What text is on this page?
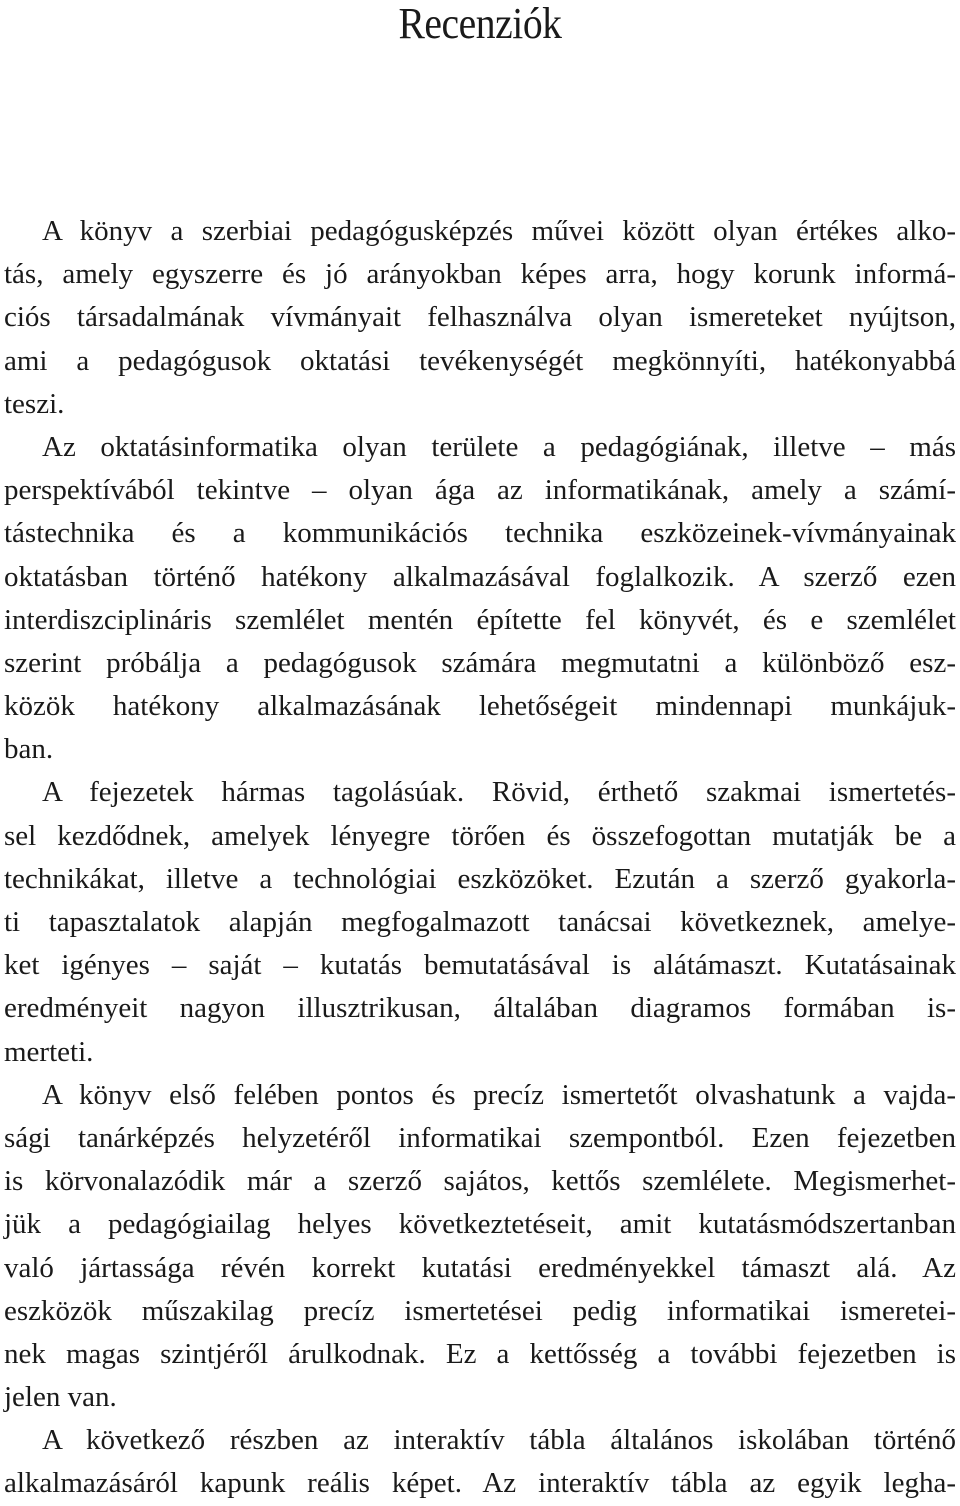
Recenziók
A könyv a szerbiai pedagógusképzés művei között olyan értékes alko-
tás, amely egyszerre és jó arányokban képes arra, hogy korunk informá-
ciós társadalmának vívmányait felhasználva olyan ismereteket nyújtson,
ami a pedagógusok oktatási tevékenységét megkönnyíti, hatékonyabbá
teszi.
Az oktatásinformatika olyan területe a pedagógiának, illetve – más
perspektívából tekintve – olyan ága az informatikának, amely a számí-
tástechnika és a kommunikációs technika eszközeinek-vívmányainak
oktatásban történő hatékony alkalmazásával foglalkozik. A szerző ezen
interdiszciplináris szemlélet mentén építette fel könyvét, és e szemlélet
szerint próbálja a pedagógusok számára megmutatni a különböző esz-
közök hatékony alkalmazásának lehetőségeit mindennapi munkájuk-
ban.
A fejezetek hármas tagolásúak. Rövid, érthető szakmai ismertetés-
sel kezdődnek, amelyek lényegre törően és összefogottan mutatják be a
technikákat, illetve a technológiai eszközöket. Ezután a szerző gyakorla-
ti tapasztalatok alapján megfogalmazott tanácsai következnek, amelye-
ket igényes – saját – kutatás bemutatásával is alátámaszt. Kutatásainak
eredményeit nagyon illusztrikusan, általában diagramos formában is-
merteti.
A könyv első felében pontos és precíz ismertetőt olvashatunk a vajda-
sági tanárképzés helyzetéről informatikai szempontból. Ezen fejezetben
is körvonalazódik már a szerző sajátos, kettős szemlélete. Megismerhet-
jük a pedagógiailag helyes következtetéseit, amit kutatásmódszertanban
való jártassága révén korrekt kutatási eredményekkel támaszt alá. Az
eszközök műszakilag precíz ismertetései pedig informatikai ismeretei-
nek magas szintjéről árulkodnak. Ez a kettősség a további fejezetben is
jelen van.
A következő részben az interaktív tábla általános iskolában történő
alkalmazásáról kapunk reális képet. Az interaktív tábla az egyik legha-
